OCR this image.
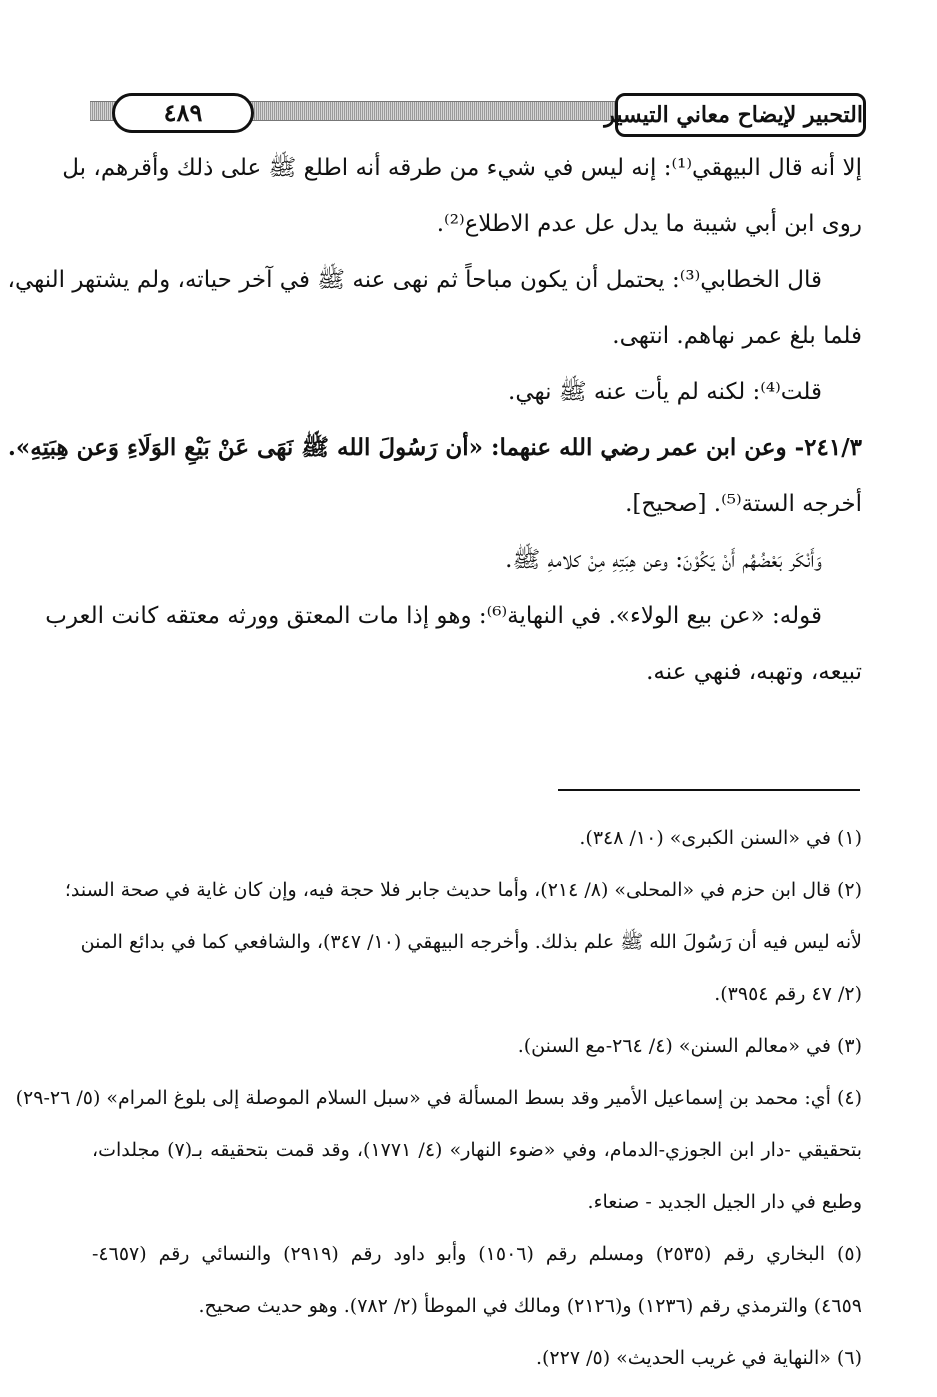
٤٨٩	التحبير لإيضاح معاني التيسير
إلا أنه قال البيهقي⁽¹⁾: إنه ليس في شيء من طرقه أنه اطلع ﷺ على ذلك وأقرهم، بل
روى ابن أبي شيبة ما يدل عل عدم الاطلاع⁽²⁾.
قال الخطابي⁽³⁾: يحتمل أن يكون مباحاً ثم نهى عنه ﷺ في آخر حياته، ولم يشتهر النهي،
فلما بلغ عمر نهاهم. انتهى.
قلت⁽⁴⁾: لكنه لم يأت عنه ﷺ نهي.
٢٤١/٣- وعن ابن عمر رضي الله عنهما: «أن رَسُولَ الله ﷺ نَهَى عَنْ بَيْعِ الوَلَاءِ وَعن هِبَتِهِ».
أخرجه الستة⁽⁵⁾. [صحيح].
وَأَنْكَر بَعْضُهُم أَنْ يَكُوْنَ: وعن هِبَتِهِ مِنْ كلامهِ ﷺ.
قوله: «عن بيع الولاء». في النهاية⁽⁶⁾: وهو إذا مات المعتق وورثه معتقه كانت العرب
تبيعه، وتهبه، فنهي عنه.
(١) في «السنن الكبرى» (١٠/ ٣٤٨).
(٢) قال ابن حزم في «المحلى» (٨/ ٢١٤)، وأما حديث جابر فلا حجة فيه، وإن كان غاية في صحة السند؛
لأنه ليس فيه أن رَسُولَ الله ﷺ علم بذلك. وأخرجه البيهقي (١٠/ ٣٤٧)، والشافعي كما في بدائع المنن
(٢/ ٤٧ رقم ٣٩٥٤).
(٣) في «معالم السنن» (٤/ ٢٦٤-مع السنن).
(٤) أي: محمد بن إسماعيل الأمير وقد بسط المسألة في «سبل السلام الموصلة إلى بلوغ المرام» (٥/ ٢٦-٢٩)
بتحقيقي -دار ابن الجوزي-الدمام، وفي «ضوء النهار» (٤/ ١٧٧١)، وقد قمت بتحقيقه بـ(٧) مجلدات،
وطبع في دار الجيل الجديد - صنعاء.
(٥) البخاري رقم (٢٥٣٥) ومسلم رقم (١٥٠٦) وأبو داود رقم (٢٩١٩) والنسائي رقم (٤٦٥٧-
٤٦٥٩) والترمذي رقم (١٢٣٦) و(٢١٢٦) ومالك في الموطأ (٢/ ٧٨٢). وهو حديث صحيح.
(٦) «النهاية في غريب الحديث» (٥/ ٢٢٧).
